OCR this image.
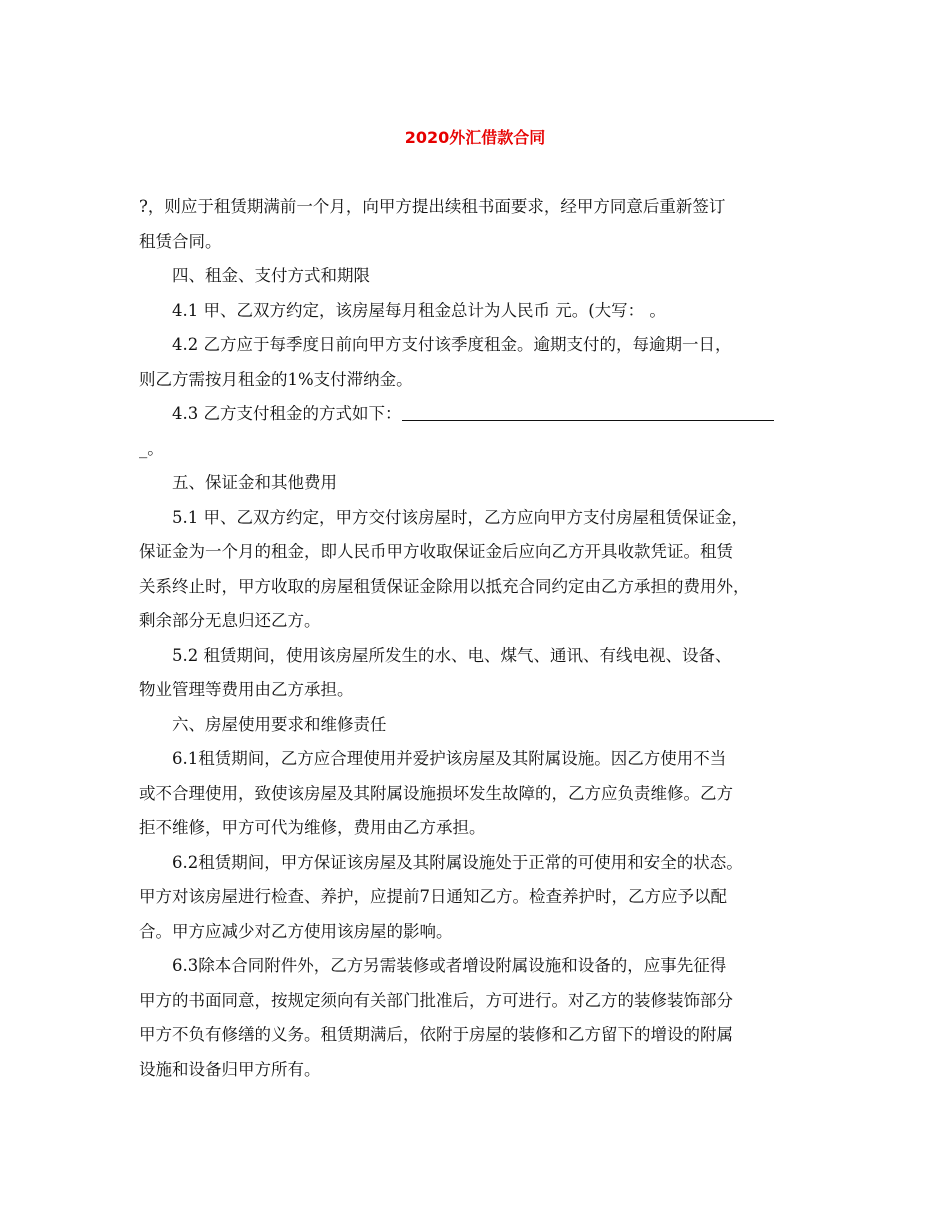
2020外汇借款合同
?，则应于租赁期满前一个月，向甲方提出续租书面要求，经甲方同意后重新签订
租赁合同。
四、租金、支付方式和期限
4.1 甲、乙双方约定，该房屋每月租金总计为人民币 元。(大写： 。
4.2 乙方应于每季度日前向甲方支付该季度租金。逾期支付的，每逾期一日，
则乙方需按月租金的1%支付滞纳金。
4.3 乙方支付租金的方式如下：
_。
五、保证金和其他费用
5.1 甲、乙双方约定，甲方交付该房屋时，乙方应向甲方支付房屋租赁保证金，
保证金为一个月的租金，即人民币甲方收取保证金后应向乙方开具收款凭证。租赁
关系终止时，甲方收取的房屋租赁保证金除用以抵充合同约定由乙方承担的费用外，
剩余部分无息归还乙方。
5.2 租赁期间，使用该房屋所发生的水、电、煤气、通讯、有线电视、设备、
物业管理等费用由乙方承担。
六、房屋使用要求和维修责任
6.1租赁期间，乙方应合理使用并爱护该房屋及其附属设施。因乙方使用不当
或不合理使用，致使该房屋及其附属设施损坏发生故障的，乙方应负责维修。乙方
拒不维修，甲方可代为维修，费用由乙方承担。
6.2租赁期间，甲方保证该房屋及其附属设施处于正常的可使用和安全的状态。
甲方对该房屋进行检查、养护，应提前7日通知乙方。检查养护时，乙方应予以配
合。甲方应减少对乙方使用该房屋的影响。
6.3除本合同附件外，乙方另需装修或者增设附属设施和设备的，应事先征得
甲方的书面同意，按规定须向有关部门批准后，方可进行。对乙方的装修装饰部分
甲方不负有修缮的义务。租赁期满后，依附于房屋的装修和乙方留下的增设的附属
设施和设备归甲方所有。
